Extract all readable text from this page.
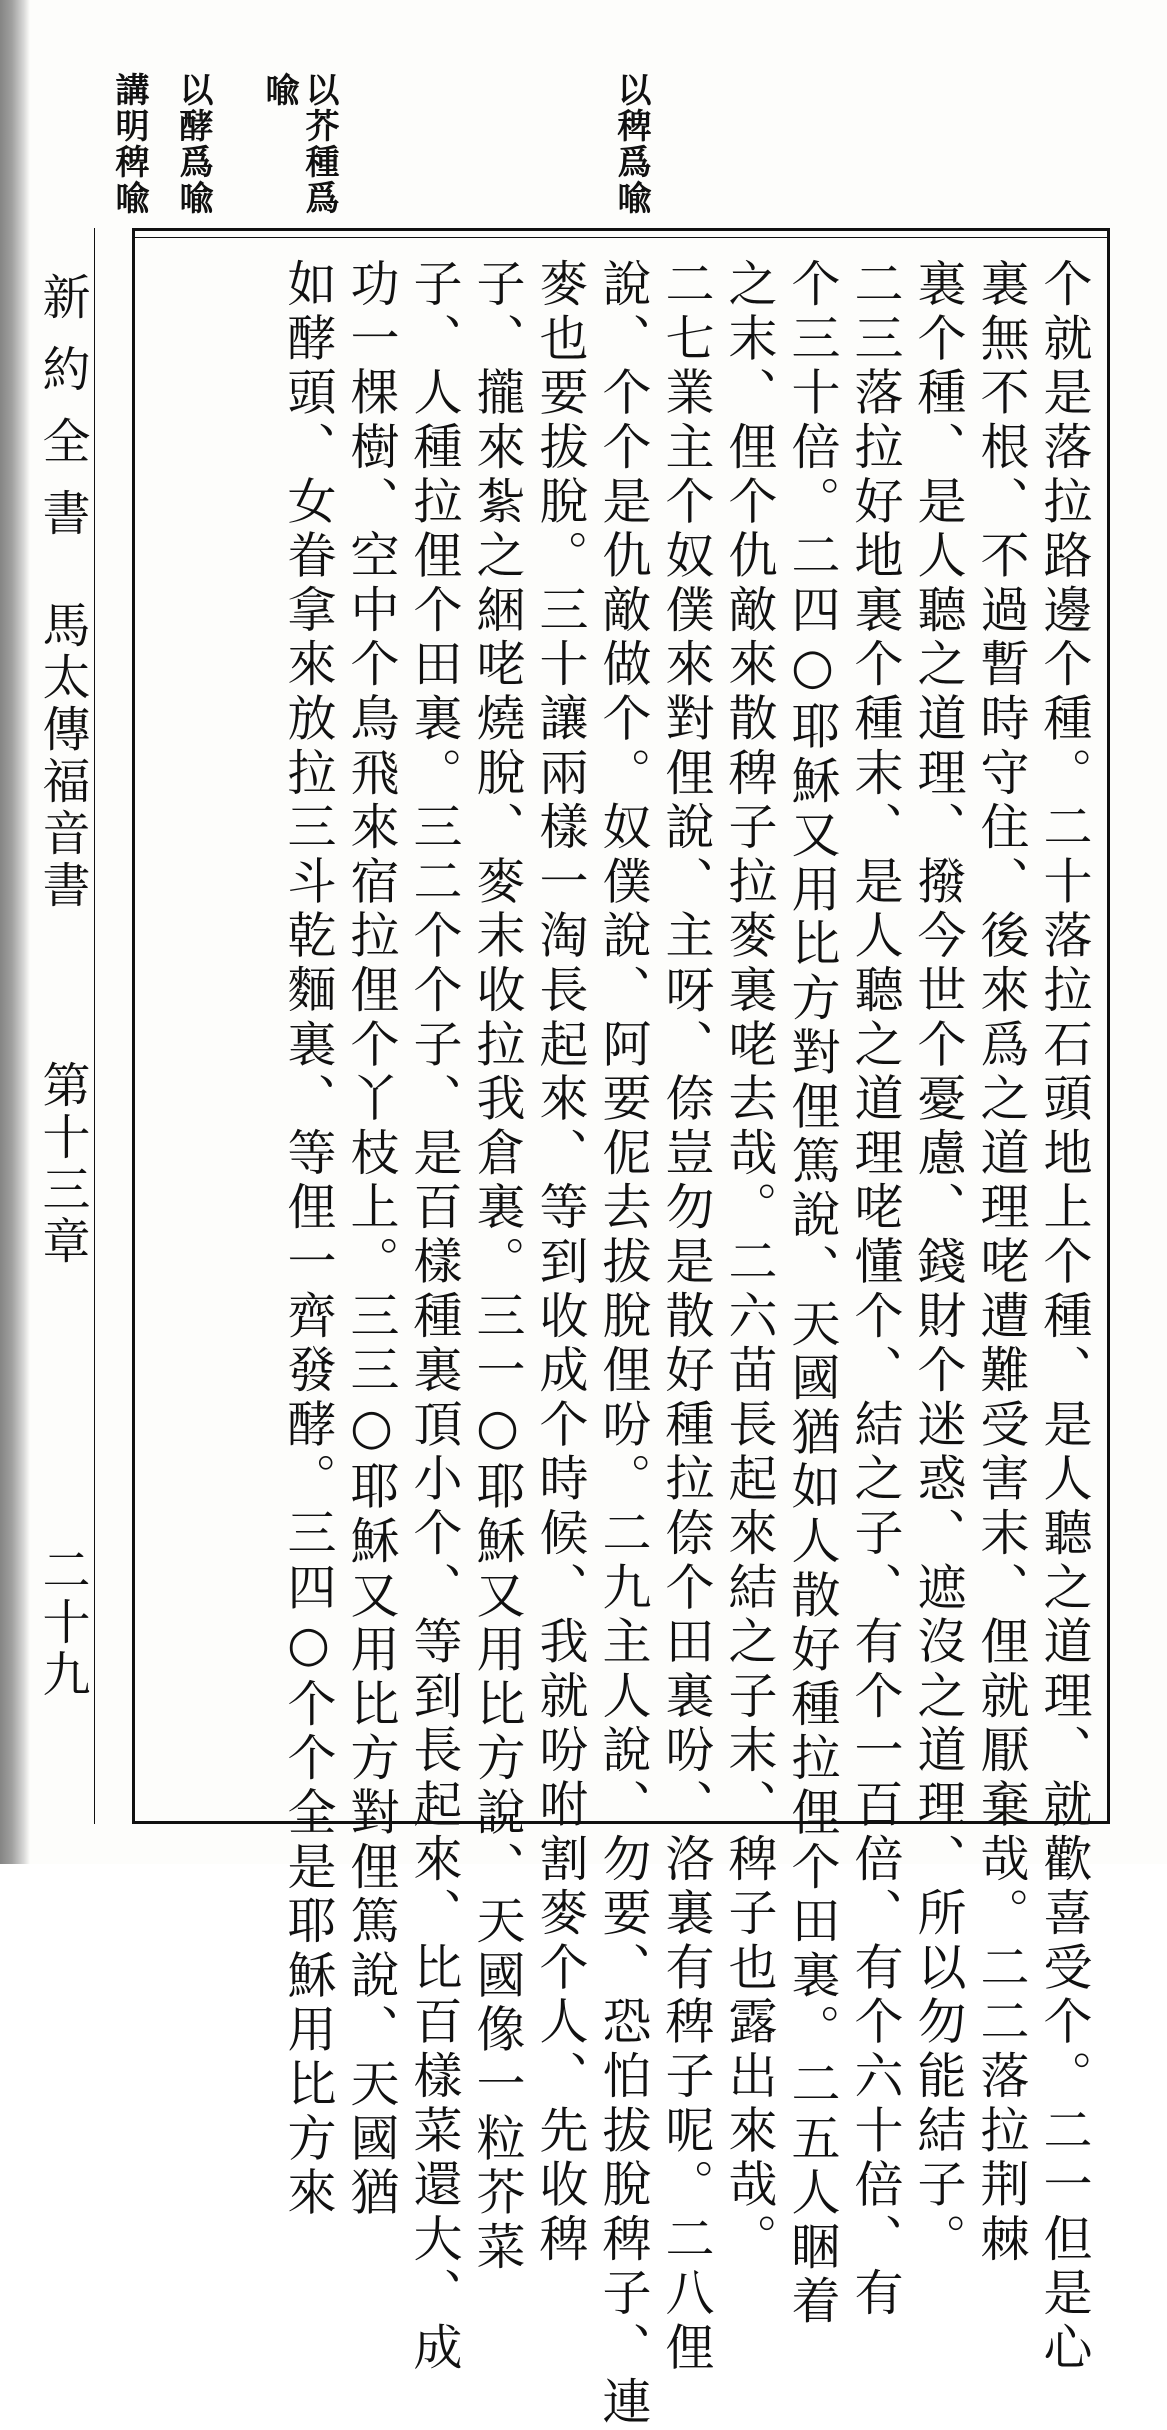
以稗爲喩
以芥種爲
喩
以酵爲喩
講明稗喩
新約全書
馬太傳福音書
第十三章
二十九	个就是落拉路邊个種。二十落拉石頭地上个種、是人聽之道理、就歡喜受个。二一但是心
裏無不根、不過暫時守住、後來爲之道理咾遭難受害末、俚就厭棄哉。二二落拉荆棘
裏个種、是人聽之道理、撥今世个憂慮、錢財个迷惑、遮沒之道理、所以勿能結子。
二三落拉好地裏个種末、是人聽之道理咾懂个、結之子、有个一百倍、有个六十倍、有
个三十倍。二四○耶穌又用比方對俚篤說、天國猶如人散好種拉俚个田裏。二五人睏着
之末、俚个仇敵來散稗子拉麥裏咾去哉。二六苗長起來結之子末、稗子也露出來哉。
二七業主个奴僕來對俚說、主呀、倷豈勿是散好種拉倷个田裏吩、洛裏有稗子呢。二八俚
說、个个是仇敵做个。奴僕說、阿要伲去拔脫俚吩。二九主人說、勿要、恐怕拔脫稗子、連
麥也要拔脫。三十讓兩樣一淘長起來、等到收成个時候、我就吩咐割麥个人、先收稗
子、攏來紮之綑咾燒脫、麥末收拉我倉裏。三一○耶穌又用比方說、天國像一粒芥菜
子、人種拉俚个田裏。三二个个子、是百樣種裏頂小个、等到長起來、比百樣菜還大、成
功一棵樹、空中个鳥飛來宿拉俚个丫枝上。三三○耶穌又用比方對俚篤說、天國猶
如酵頭、女眷拿來放拉三斗乾麵裏、等俚一齊發酵。三四○个个全是耶穌用比方來
